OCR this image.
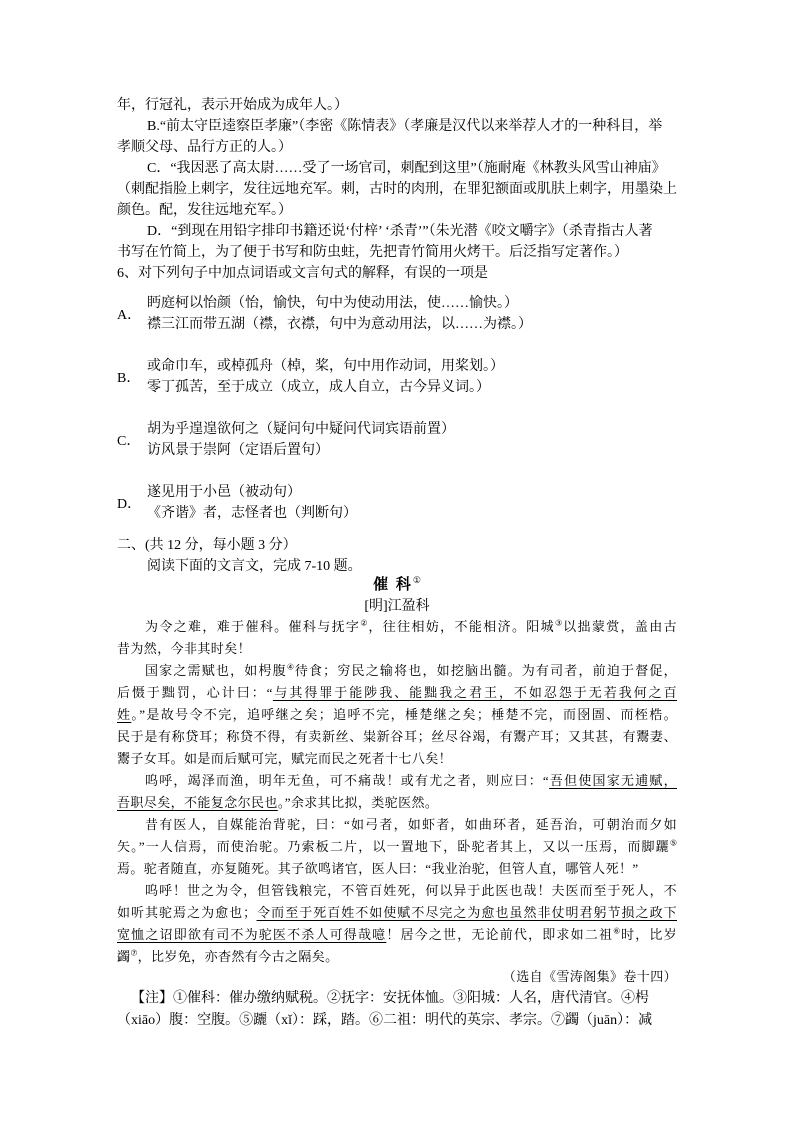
年，行冠礼，表示开始成为成年人。）
B.“前太守臣逵察臣孝廉”（李密《陈情表》（孝廉是汉代以来举荐人才的一种科目，举
孝顺父母、品行方正的人。）
C．“我因恶了高太尉……受了一场官司，刺配到这里”（施耐庵《林教头风雪山神庙》
（刺配指脸上刺字，发往远地充军。刺，古时的肉刑，在罪犯额面或肌肤上刺字，用墨染上
颜色。配，发往远地充军。）
D．“到现在用铅字排印书籍还说‘付梓’ ‘杀青’”（朱光潜《咬文嚼字》（杀青指古人著
书写在竹简上，为了便于书写和防虫蛀，先把青竹简用火烤干。后泛指写定著作。）
6、对下列句子中加点词语或文言句式的解释，有误的一项是
A．
眄庭柯以怡颜（怡，愉快，句中为使动用法，使……愉快。）
襟三江而带五湖（襟，衣襟，句中为意动用法，以……为襟。）
B．
或命巾车，或棹孤舟（棹，桨，句中用作动词，用桨划。）
零丁孤苦，至于成立（成立，成人自立，古今异义词。）
C．
胡为乎遑遑欲何之（疑问句中疑问代词宾语前置）
访风景于崇阿（定语后置句）
D．
遂见用于小邑（被动句）
《齐谐》者，志怪者也（判断句）
二、(共 12 分，每小题 3 分）
阅读下面的文言文，完成 7-10 题。
催 科①
[明]江盈科
为令之难，难于催科。催科与抚字②，往往相妨，不能相济。阳城③以拙蒙赏，盖由古
昔为然，今非其时矣！
国家之需赋也，如枵腹④待食；穷民之输将也，如挖脑出髓。为有司者，前迫于督促，
后慑于黜罚，心计曰：“与其得罪于能陟我、能黜我之君王，不如忍怨于无若我何之百
姓。”是故号令不完，追呼继之矣；追呼不完，棰楚继之矣；棰楚不完，而囹圄、而桎梏。
民于是有称贷耳；称贷不得，有卖新丝、粜新谷耳；丝尽谷竭，有鬻产耳；又其甚，有鬻妻、
鬻子女耳。如是而后赋可完，赋完而民之死者十七八矣！
呜呼，竭泽而渔，明年无鱼，可不痛哉！或有尤之者，则应曰：“吾但使国家无逋赋，
吾职尽矣，不能复念尔民也。”余求其比拟，类驼医然。
昔有医人，自媒能治背驼，曰：“如弓者，如虾者，如曲环者，延吾治，可朝治而夕如
矢。”一人信焉，而使治驼。乃索板二片，以一置地下，卧驼者其上，又以一压焉，而脚躧⑤
焉。驼者随直，亦复随死。其子欲鸣诸官，医人曰：“我业治驼，但管人直，哪管人死！”
呜呼！世之为令，但管钱粮完，不管百姓死，何以异于此医也哉！夫医而至于死人，不
如听其驼焉之为愈也；令而至于死百姓不如使赋不尽完之为愈也虽然非仗明君躬节损之政下
宽恤之诏即欲有司不为驼医不杀人可得哉噫！居今之世，无论前代，即求如二祖⑥时，比岁
蠲⑦，比岁免，亦杳然有今古之隔矣。
（选自《雪涛阁集》卷十四）
【注】①催科：催办缴纳赋税。②抚字：安抚体恤。③阳城：人名，唐代清官。④枵
（xiāo）腹：空腹。⑤躧（xǐ）：踩，踏。⑥二祖：明代的英宗、孝宗。⑦蠲（juān）：减
